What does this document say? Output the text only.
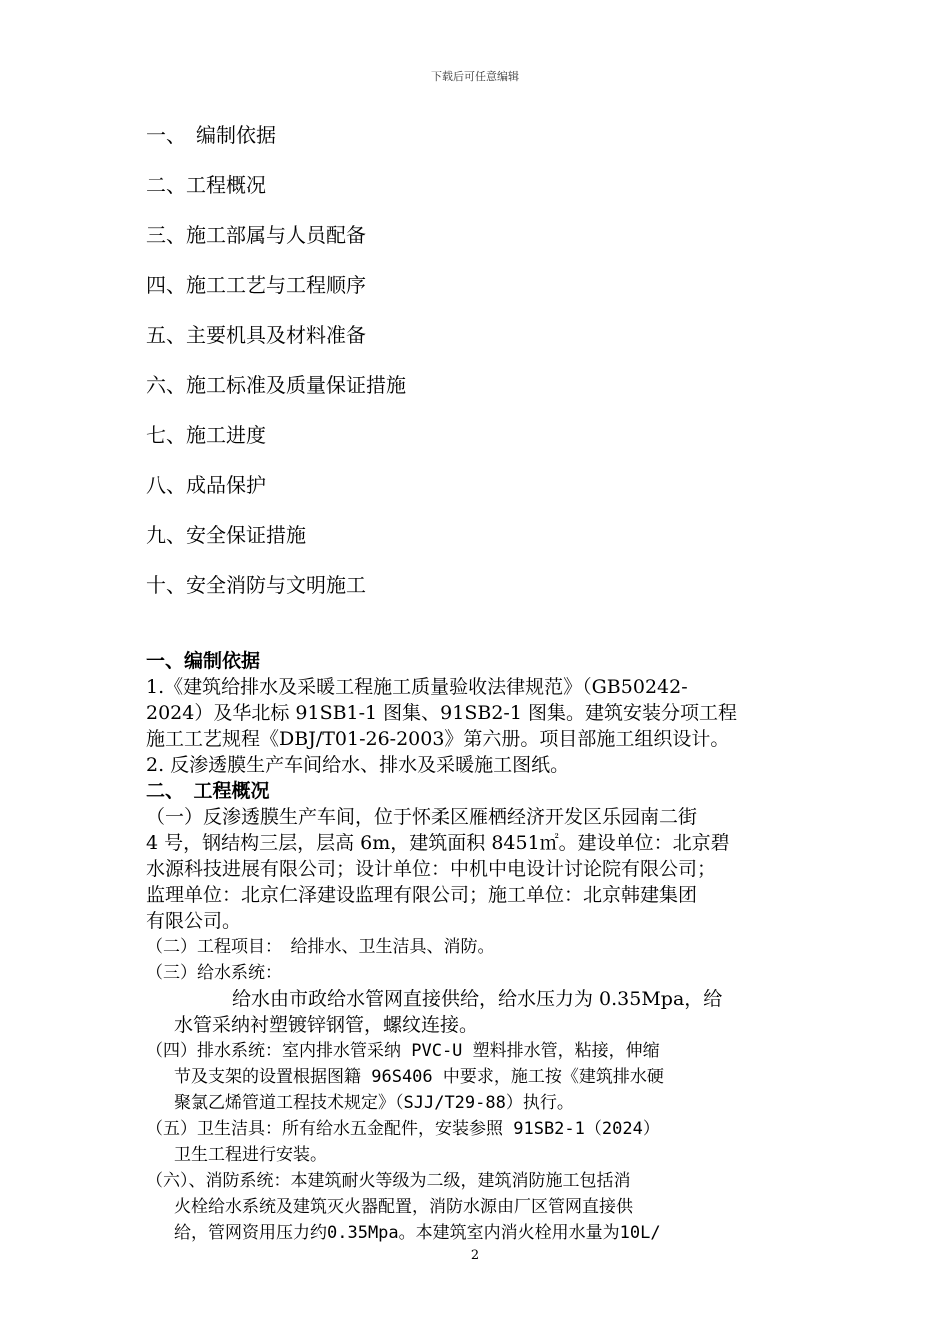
下载后可任意编辑
一、　编制依据
二、工程概况
三、施工部属与人员配备
四、施工工艺与工程顺序
五、主要机具及材料准备
六、施工标准及质量保证措施
七、施工进度
八、成品保护
九、安全保证措施
十、安全消防与文明施工
一、编制依据
1.《建筑给排水及采暖工程施工质量验收法律规范》（GB50242-
2024）及华北标 91SB1-1 图集、91SB2-1 图集。建筑安装分项工程
施工工艺规程《DBJ/T01-26-2003》第六册。项目部施工组织设计。
2. 反渗透膜生产车间给水、排水及采暖施工图纸。
二、　工程概况
（一）反渗透膜生产车间，位于怀柔区雁栖经济开发区乐园南二街
4 号，钢结构三层，层高 6m，建筑面积 8451㎡。建设单位：北京碧
水源科技进展有限公司；设计单位：中机中电设计讨论院有限公司；
监理单位：北京仁泽建设监理有限公司；施工单位：北京韩建集团
有限公司。
（二）工程项目：　给排水、卫生洁具、消防。
（三）给水系统：
给水由市政给水管网直接供给，给水压力为 0.35Mpa，给
水管采纳衬塑镀锌钢管，螺纹连接。
（四）排水系统：室内排水管采纳 PVC-U 塑料排水管，粘接，伸缩
节及支架的设置根据图籍 96S406 中要求，施工按《建筑排水硬
聚氯乙烯管道工程技术规定》（SJJ/T29-88）执行。
（五）卫生洁具：所有给水五金配件，安装参照 91SB2-1（2024）
卫生工程进行安装。
（六）、消防系统：本建筑耐火等级为二级，建筑消防施工包括消
火栓给水系统及建筑灭火器配置，消防水源由厂区管网直接供
给，管网资用压力约0.35Mpa。本建筑室内消火栓用水量为10L/
2
